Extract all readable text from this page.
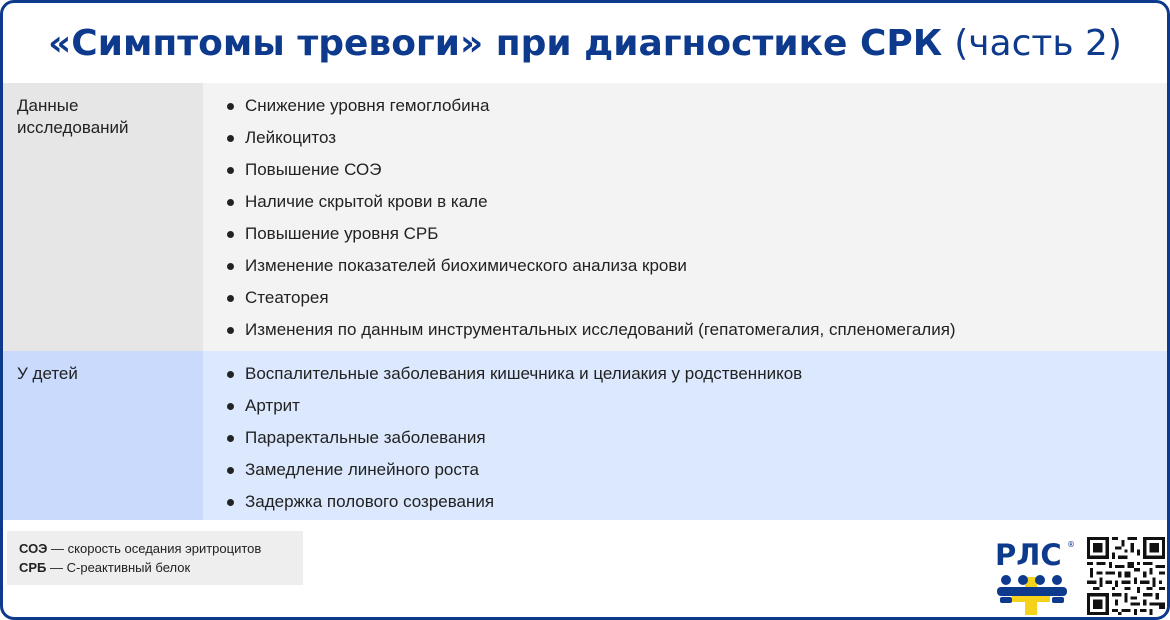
«Симптомы тревоги» при диагностике СРК (часть 2)
Данные исследований
Снижение уровня гемоглобина
Лейкоцитоз
Повышение СОЭ
Наличие скрытой крови в кале
Повышение уровня СРБ
Изменение показателей биохимического анализа крови
Стеаторея
Изменения по данным инструментальных исследований (гепатомегалия, спленомегалия)
У детей	Воспалительные заболевания кишечника и целиакия у родственников
Артрит
Параректальные заболевания
Замедление линейного роста
Задержка полового созревания
СОЭ — скорость оседания эритроцитов
СРБ — С-реактивный белок	РЛС ®
